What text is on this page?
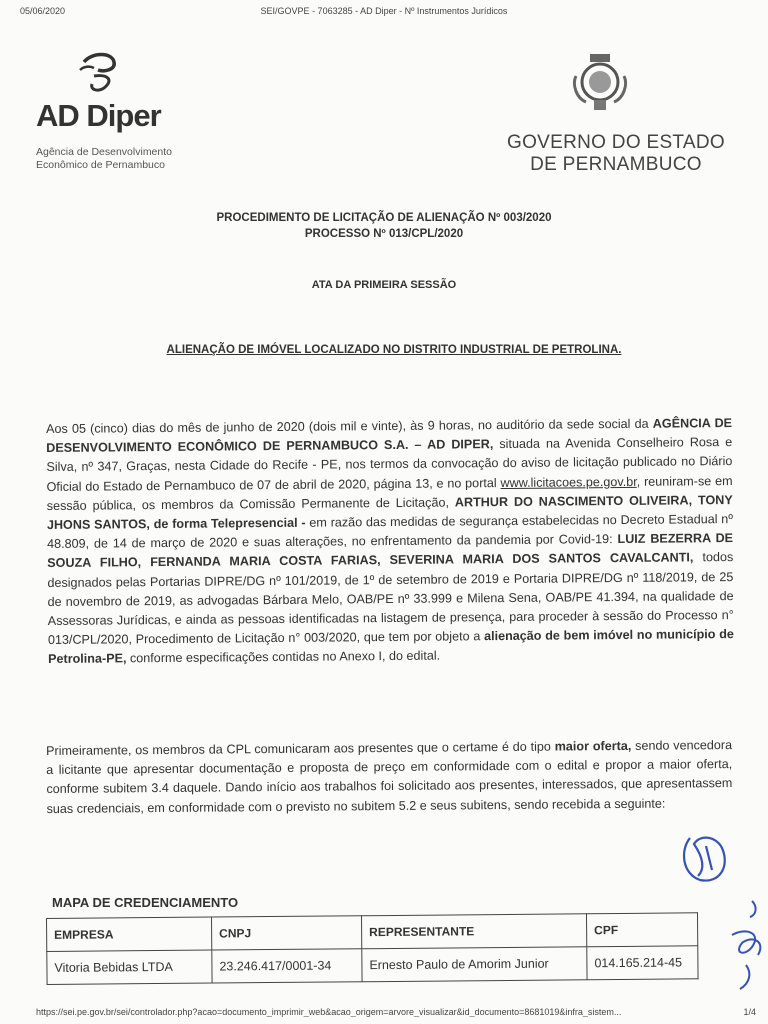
05/06/2020	SEI/GOVPE - 7063285 - AD Diper - Nº Instrumentos Jurídicos
AD Diper
Agência de Desenvolvimento
Econômico de Pernambuco
GOVERNO DO ESTADO
DE PERNAMBUCO
PROCEDIMENTO DE LICITAÇÃO DE ALIENAÇÃO Nº 003/2020
PROCESSO Nº 013/CPL/2020
ATA DA PRIMEIRA SESSÃO
ALIENAÇÃO DE IMÓVEL LOCALIZADO NO DISTRITO INDUSTRIAL DE PETROLINA.
Aos 05 (cinco) dias do mês de junho de 2020 (dois mil e vinte), às 9 horas, no auditório da sede social da AGÊNCIA DE DESENVOLVIMENTO ECONÔMICO DE PERNAMBUCO S.A. – AD DIPER, situada na Avenida Conselheiro Rosa e Silva, nº 347, Graças, nesta Cidade do Recife - PE, nos termos da convocação do aviso de licitação publicado no Diário Oficial do Estado de Pernambuco de 07 de abril de 2020, página 13, e no portal www.licitacoes.pe.gov.br, reuniram-se em sessão pública, os membros da Comissão Permanente de Licitação, ARTHUR DO NASCIMENTO OLIVEIRA, TONY JHONS SANTOS, de forma Telepresencial - em razão das medidas de segurança estabelecidas no Decreto Estadual nº 48.809, de 14 de março de 2020 e suas alterações, no enfrentamento da pandemia por Covid-19: LUIZ BEZERRA DE SOUZA FILHO, FERNANDA MARIA COSTA FARIAS, SEVERINA MARIA DOS SANTOS CAVALCANTI, todos designados pelas Portarias DIPRE/DG nº 101/2019, de 1º de setembro de 2019 e Portaria DIPRE/DG nº 118/2019, de 25 de novembro de 2019, as advogadas Bárbara Melo, OAB/PE nº 33.999 e Milena Sena, OAB/PE 41.394, na qualidade de Assessoras Jurídicas, e ainda as pessoas identificadas na listagem de presença, para proceder à sessão do Processo n° 013/CPL/2020, Procedimento de Licitação n° 003/2020, que tem por objeto a alienação de bem imóvel no município de Petrolina-PE, conforme especificações contidas no Anexo I, do edital.
Primeiramente, os membros da CPL comunicaram aos presentes que o certame é do tipo maior oferta, sendo vencedora a licitante que apresentar documentação e proposta de preço em conformidade com o edital e propor a maior oferta, conforme subitem 3.4 daquele. Dando início aos trabalhos foi solicitado aos presentes, interessados, que apresentassem suas credenciais, em conformidade com o previsto no subitem 5.2 e seus subitens, sendo recebida a seguinte:
MAPA DE CREDENCIAMENTO
EMPRESA	CNPJ	REPRESENTANTE	CPF
Vitoria Bebidas LTDA	23.246.417/0001-34	Ernesto Paulo de Amorim Junior	014.165.214-45
https://sei.pe.gov.br/sei/controlador.php?acao=documento_imprimir_web&acao_origem=arvore_visualizar&id_documento=8681019&infra_sistem...	1/4
